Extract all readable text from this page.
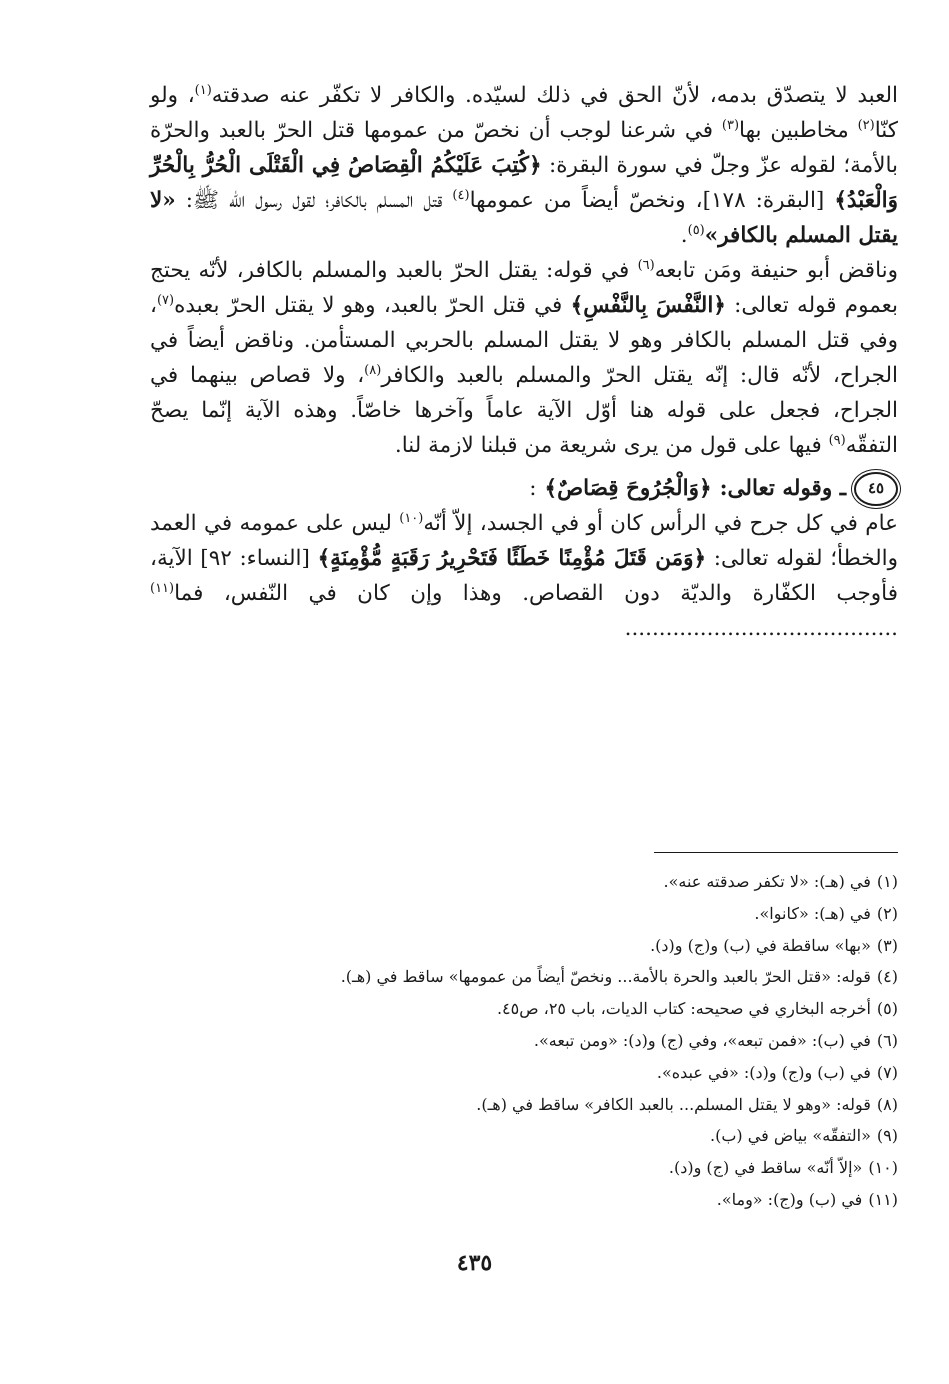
العبد لا يتصدّق بدمه، لأنّ الحق في ذلك لسيّده. والكافر لا تكفّر عنه صدقته$^{(١)}$، ولو كنّا$^{(٢)}$ مخاطبين بها$^{(٣)}$ في شرعنا لوجب أن نخصّ من عمومها قتل الحرّ بالعبد والحرّة بالأمة؛ لقوله عزّ وجلّ في سورة البقرة: ﴿كُتِبَ عَلَيْكُمُ الْقِصَاصُ فِي الْقَتْلَى الْحُرُّ بِالْحُرِّ وَالْعَبْدُ﴾ [البقرة: ١٧٨]، ونخصّ أيضاً من عمومها$^{(٤)}$ قتل المسلم بالكافر؛ لقول رسول الله ﷺ: «لا يقتل المسلم بالكافر»$^{(٥)}$.

وناقض أبو حنيفة ومَن تابعه$^{(٦)}$ في قوله: يقتل الحرّ بالعبد والمسلم بالكافر، لأنّه يحتج بعموم قوله تعالى: ﴿النَّفْسَ بِالنَّفْسِ﴾ في قتل الحرّ بالعبد، وهو لا يقتل الحرّ بعبده$^{(٧)}$، وفي قتل المسلم بالكافر وهو لا يقتل المسلم بالحربي المستأمن. وناقض أيضاً في الجراح، لأنّه قال: إنّه يقتل الحرّ والمسلم بالعبد والكافر$^{(٨)}$، ولا قصاص بينهما في الجراح، فجعل على قوله هنا أوّل الآية عاماً وآخرها خاصّاً. وهذه الآية إنّما يصحّ التفقّه$^{(٩)}$ فيها على قول من يرى شريعة من قبلنا لازمة لنا.

٤٥
ـ وقوله تعالى:
﴿وَالْجُرُوحَ قِصَاصٌ﴾
:

عام في كل جرح في الرأس كان أو في الجسد، إلاّ أنّه$^{(١٠)}$ ليس على عمومه في العمد والخطأ؛ لقوله تعالى: ﴿وَمَن قَتَلَ مُؤْمِنًا خَطَئًا فَتَحْرِيرُ رَقَبَةٍ مُّؤْمِنَةٍ﴾ [النساء: ٩٢] الآية، فأوجب الكفّارة والديّة دون القصاص. وهذا وإن كان في النّفس، فما$^{(١١)}$ ........................................

(١)
في (هـ): «لا تكفر صدقته عنه».
(٢)
في (هـ): «كانوا».
(٣)
«بها» ساقطة في (ب) و(ج) و(د).
(٤)
قوله: «قتل الحرّ بالعبد والحرة بالأمة... ونخصّ أيضاً من عمومها» ساقط في (هـ).
(٥)
أخرجه البخاري في صحيحه: كتاب الديات، باب ٢٥، ص٤٥.
(٦)
في (ب): «فمن تبعه»، وفي (ج) و(د): «ومن تبعه».
(٧)
في (ب) و(ج) و(د): «في عبده».
(٨)
قوله: «وهو لا يقتل المسلم... بالعبد الكافر» ساقط في (هـ).
(٩)
«التفقّه» بياض في (ب).
(١٠)
«إلاّ أنّه» ساقط في (ج) و(د).
(١١)
في (ب) و(ج): «وما».
٤٣٥
